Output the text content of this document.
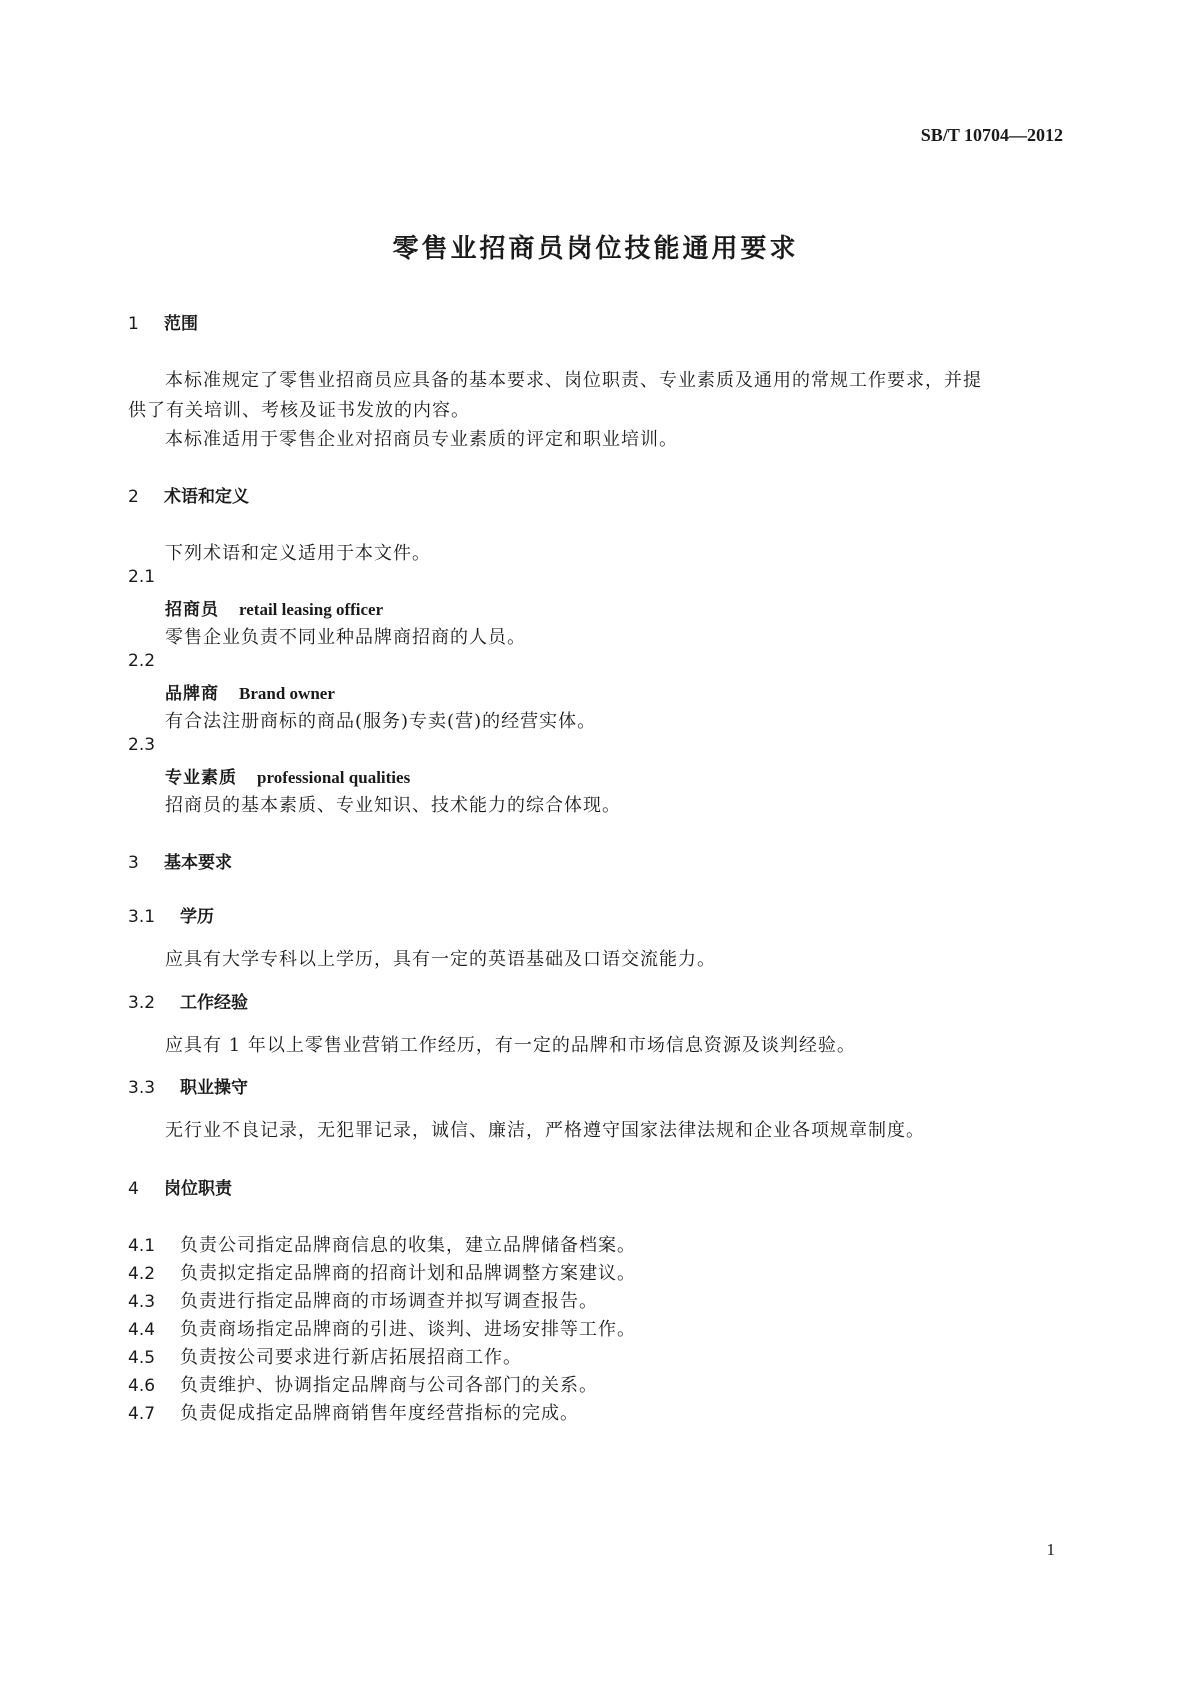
SB/T 10704—2012
零售业招商员岗位技能通用要求
1 范围
本标准规定了零售业招商员应具备的基本要求、岗位职责、专业素质及通用的常规工作要求，并提
供了有关培训、考核及证书发放的内容。
本标准适用于零售企业对招商员专业素质的评定和职业培训。
2 术语和定义
下列术语和定义适用于本文件。
2.1
招商员 retail leasing officer
零售企业负责不同业种品牌商招商的人员。
2.2
品牌商 Brand owner
有合法注册商标的商品(服务)专卖(营)的经营实体。
2.3
专业素质 professional qualities
招商员的基本素质、专业知识、技术能力的综合体现。
3 基本要求
3.1 学历
应具有大学专科以上学历，具有一定的英语基础及口语交流能力。
3.2 工作经验
应具有 1 年以上零售业营销工作经历，有一定的品牌和市场信息资源及谈判经验。
3.3 职业操守
无行业不良记录，无犯罪记录，诚信、廉洁，严格遵守国家法律法规和企业各项规章制度。
4 岗位职责
4.1 负责公司指定品牌商信息的收集，建立品牌储备档案。
4.2 负责拟定指定品牌商的招商计划和品牌调整方案建议。
4.3 负责进行指定品牌商的市场调查并拟写调查报告。
4.4 负责商场指定品牌商的引进、谈判、进场安排等工作。
4.5 负责按公司要求进行新店拓展招商工作。
4.6 负责维护、协调指定品牌商与公司各部门的关系。
4.7 负责促成指定品牌商销售年度经营指标的完成。
1
